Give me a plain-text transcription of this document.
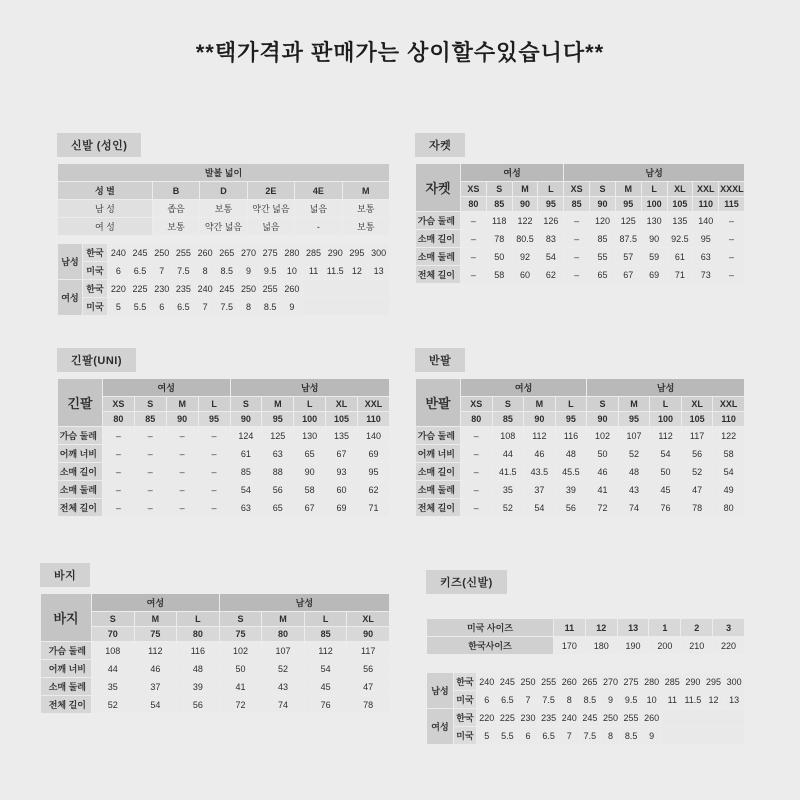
**택가격과 판매가는 상이할수있습니다**
신발 (성인)
발볼 넓이					
성 별	B	D	2E	4E	M
남 성	좁음	보통	약간 넓음	넓음	보통
여 성	보통	약간 넓음	넓음	-	보통
남성	한국	240	245	250	255	260	265	270	275	280	285	290	295	300
	미국	6	6.5	7	7.5	8	8.5	9	9.5	10	11	11.5	12	13
여성	한국	220	225	230	235	240	245	250	255	260				
	미국	5	5.5	6	6.5	7	7.5	8	8.5	9				
자켓
자켓	여성				남성						
	XS	S	M	L	XS	S	M	L	XL	XXL	XXXL
	80	85	90	95	85	90	95	100	105	110	115
가슴 둘레	–	118	122	126	–	120	125	130	135	140	–
소매 길이	–	78	80.5	83	–	85	87.5	90	92.5	95	–
소매 둘레	–	50	92	54	–	55	57	59	61	63	–
전체 길이	–	58	60	62	–	65	67	69	71	73	–
긴팔(UNI)
긴팔	여성				남성				
	XS	S	M	L	S	M	L	XL	XXL
	80	85	90	95	90	95	100	105	110
가슴 둘레	–	–	–	–	124	125	130	135	140
어깨 너비	–	–	–	–	61	63	65	67	69
소매 길이	–	–	–	–	85	88	90	93	95
소매 둘레	–	–	–	–	54	56	58	60	62
전체 길이	–	–	–	–	63	65	67	69	71
반팔
반팔	여성				남성				
	XS	S	M	L	S	M	L	XL	XXL
	80	85	90	95	90	95	100	105	110
가슴 둘레	–	108	112	116	102	107	112	117	122
어깨 너비	–	44	46	48	50	52	54	56	58
소매 길이	–	41.5	43.5	45.5	46	48	50	52	54
소매 둘레	–	35	37	39	41	43	45	47	49
전체 길이	–	52	54	56	72	74	76	78	80
바지
바지	여성			남성			
	S	M	L	S	M	L	XL
	70	75	80	75	80	85	90
가슴 둘레	108	112	116	102	107	112	117
어깨 너비	44	46	48	50	52	54	56
소매 둘레	35	37	39	41	43	45	47
전체 길이	52	54	56	72	74	76	78
키즈(신발)
미국 사이즈	11	12	13	1	2	3
한국사이즈	170	180	190	200	210	220
남성	한국	240	245	250	255	260	265	270	275	280	285	290	295	300
	미국	6	6.5	7	7.5	8	8.5	9	9.5	10	11	11.5	12	13
여성	한국	220	225	230	235	240	245	250	255	260				
	미국	5	5.5	6	6.5	7	7.5	8	8.5	9				
